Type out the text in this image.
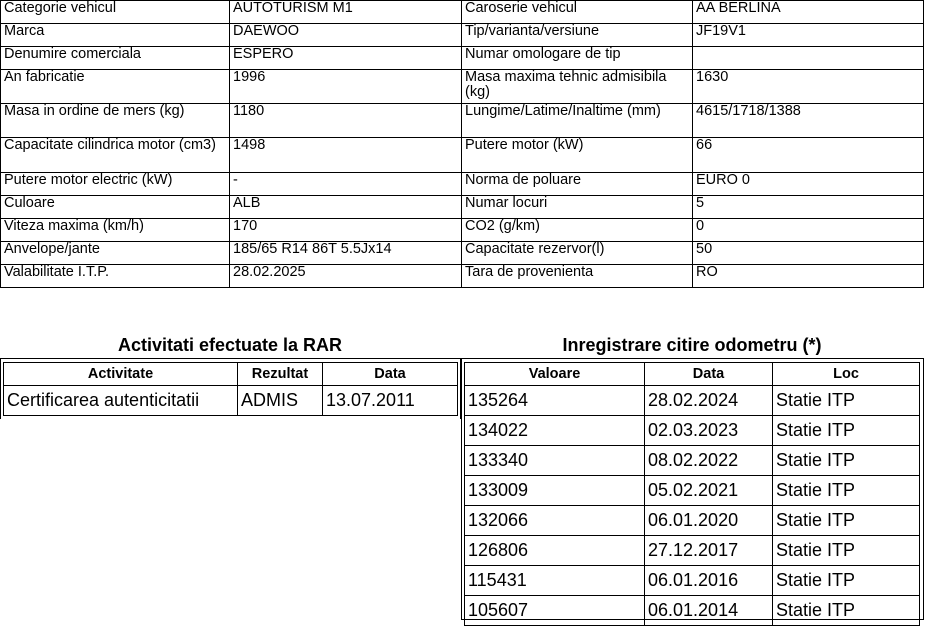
Categorie vehicul	AUTOTURISM M1	Caroserie vehicul	AA BERLINA
Marca	DAEWOO	Tip/varianta/versiune	JF19V1
Denumire comerciala	ESPERO	Numar omologare de tip	
An fabricatie	1996	Masa maxima tehnic admisibila (kg)	1630
Masa in ordine de mers (kg)	1180	Lungime/Latime/Inaltime (mm)	4615/1718/1388
Capacitate cilindrica motor (cm3)	1498	Putere motor (kW)	66
Putere motor electric (kW)	-	Norma de poluare	EURO 0
Culoare	ALB	Numar locuri	5
Viteza maxima (km/h)	170	CO2 (g/km)	0
Anvelope/jante	185/65 R14 86T 5.5Jx14	Capacitate rezervor(l)	50
Valabilitate I.T.P.	28.02.2025	Tara de provenienta	RO
Activitati efectuate la RAR
Activitate	Rezultat	Data
Certificarea autenticitatii	ADMIS	13.07.2011
Inregistrare citire odometru (*)
Valoare	Data	Loc
135264	28.02.2024	Statie ITP
134022	02.03.2023	Statie ITP
133340	08.02.2022	Statie ITP
133009	05.02.2021	Statie ITP
132066	06.01.2020	Statie ITP
126806	27.12.2017	Statie ITP
115431	06.01.2016	Statie ITP
105607	06.01.2014	Statie ITP
